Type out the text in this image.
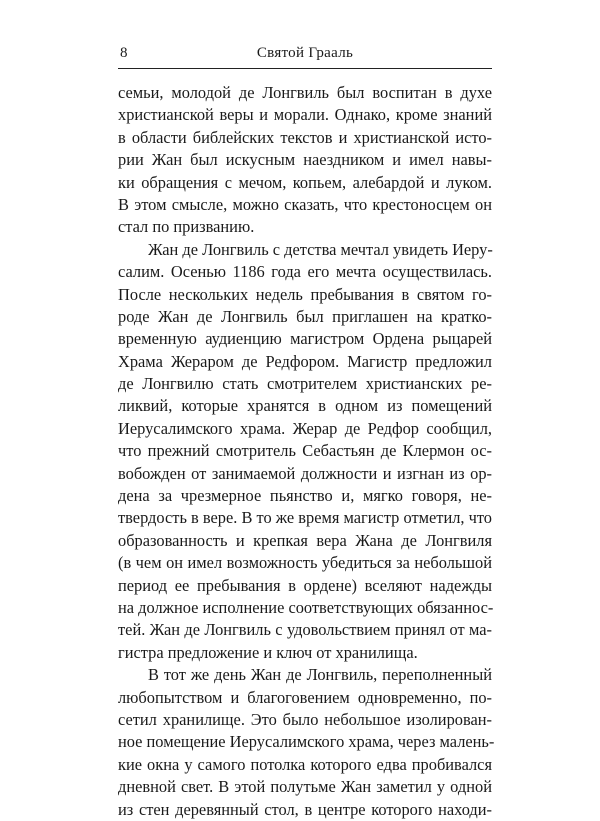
8	Святой Грааль
семьи, молодой де Лонгвиль был воспитан в духе
христианской веры и морали. Однако, кроме знаний
в области библейских текстов и христианской исто-
рии Жан был искусным наездником и имел навы-
ки обращения с мечом, копьем, алебардой и луком.
В этом смысле, можно сказать, что крестоносцем он
стал по призванию.
Жан де Лонгвиль с детства мечтал увидеть Иеру-
салим. Осенью 1186 года его мечта осуществилась.
После нескольких недель пребывания в святом го-
роде Жан де Лонгвиль был приглашен на кратко-
временную аудиенцию магистром Ордена рыцарей
Храма Жераром де Редфором. Магистр предложил
де Лонгвилю стать смотрителем христианских ре-
ликвий, которые хранятся в одном из помещений
Иерусалимского храма. Жерар де Редфор сообщил,
что прежний смотритель Себастьян де Клермон ос-
вобожден от занимаемой должности и изгнан из ор-
дена за чрезмерное пьянство и, мягко говоря, не-
твердость в вере. В то же время магистр отметил, что
образованность и крепкая вера Жана де Лонгвиля
(в чем он имел возможность убедиться за небольшой
период ее пребывания в ордене) вселяют надежды
на должное исполнение соответствующих обязаннос-
тей. Жан де Лонгвиль с удовольствием принял от ма-
гистра предложение и ключ от хранилища.
В тот же день Жан де Лонгвиль, переполненный
любопытством и благоговением одновременно, по-
сетил хранилище. Это было небольшое изолирован-
ное помещение Иерусалимского храма, через малень-
кие окна у самого потолка которого едва пробивался
дневной свет. В этой полутьме Жан заметил у одной
из стен деревянный стол, в центре которого находи-
